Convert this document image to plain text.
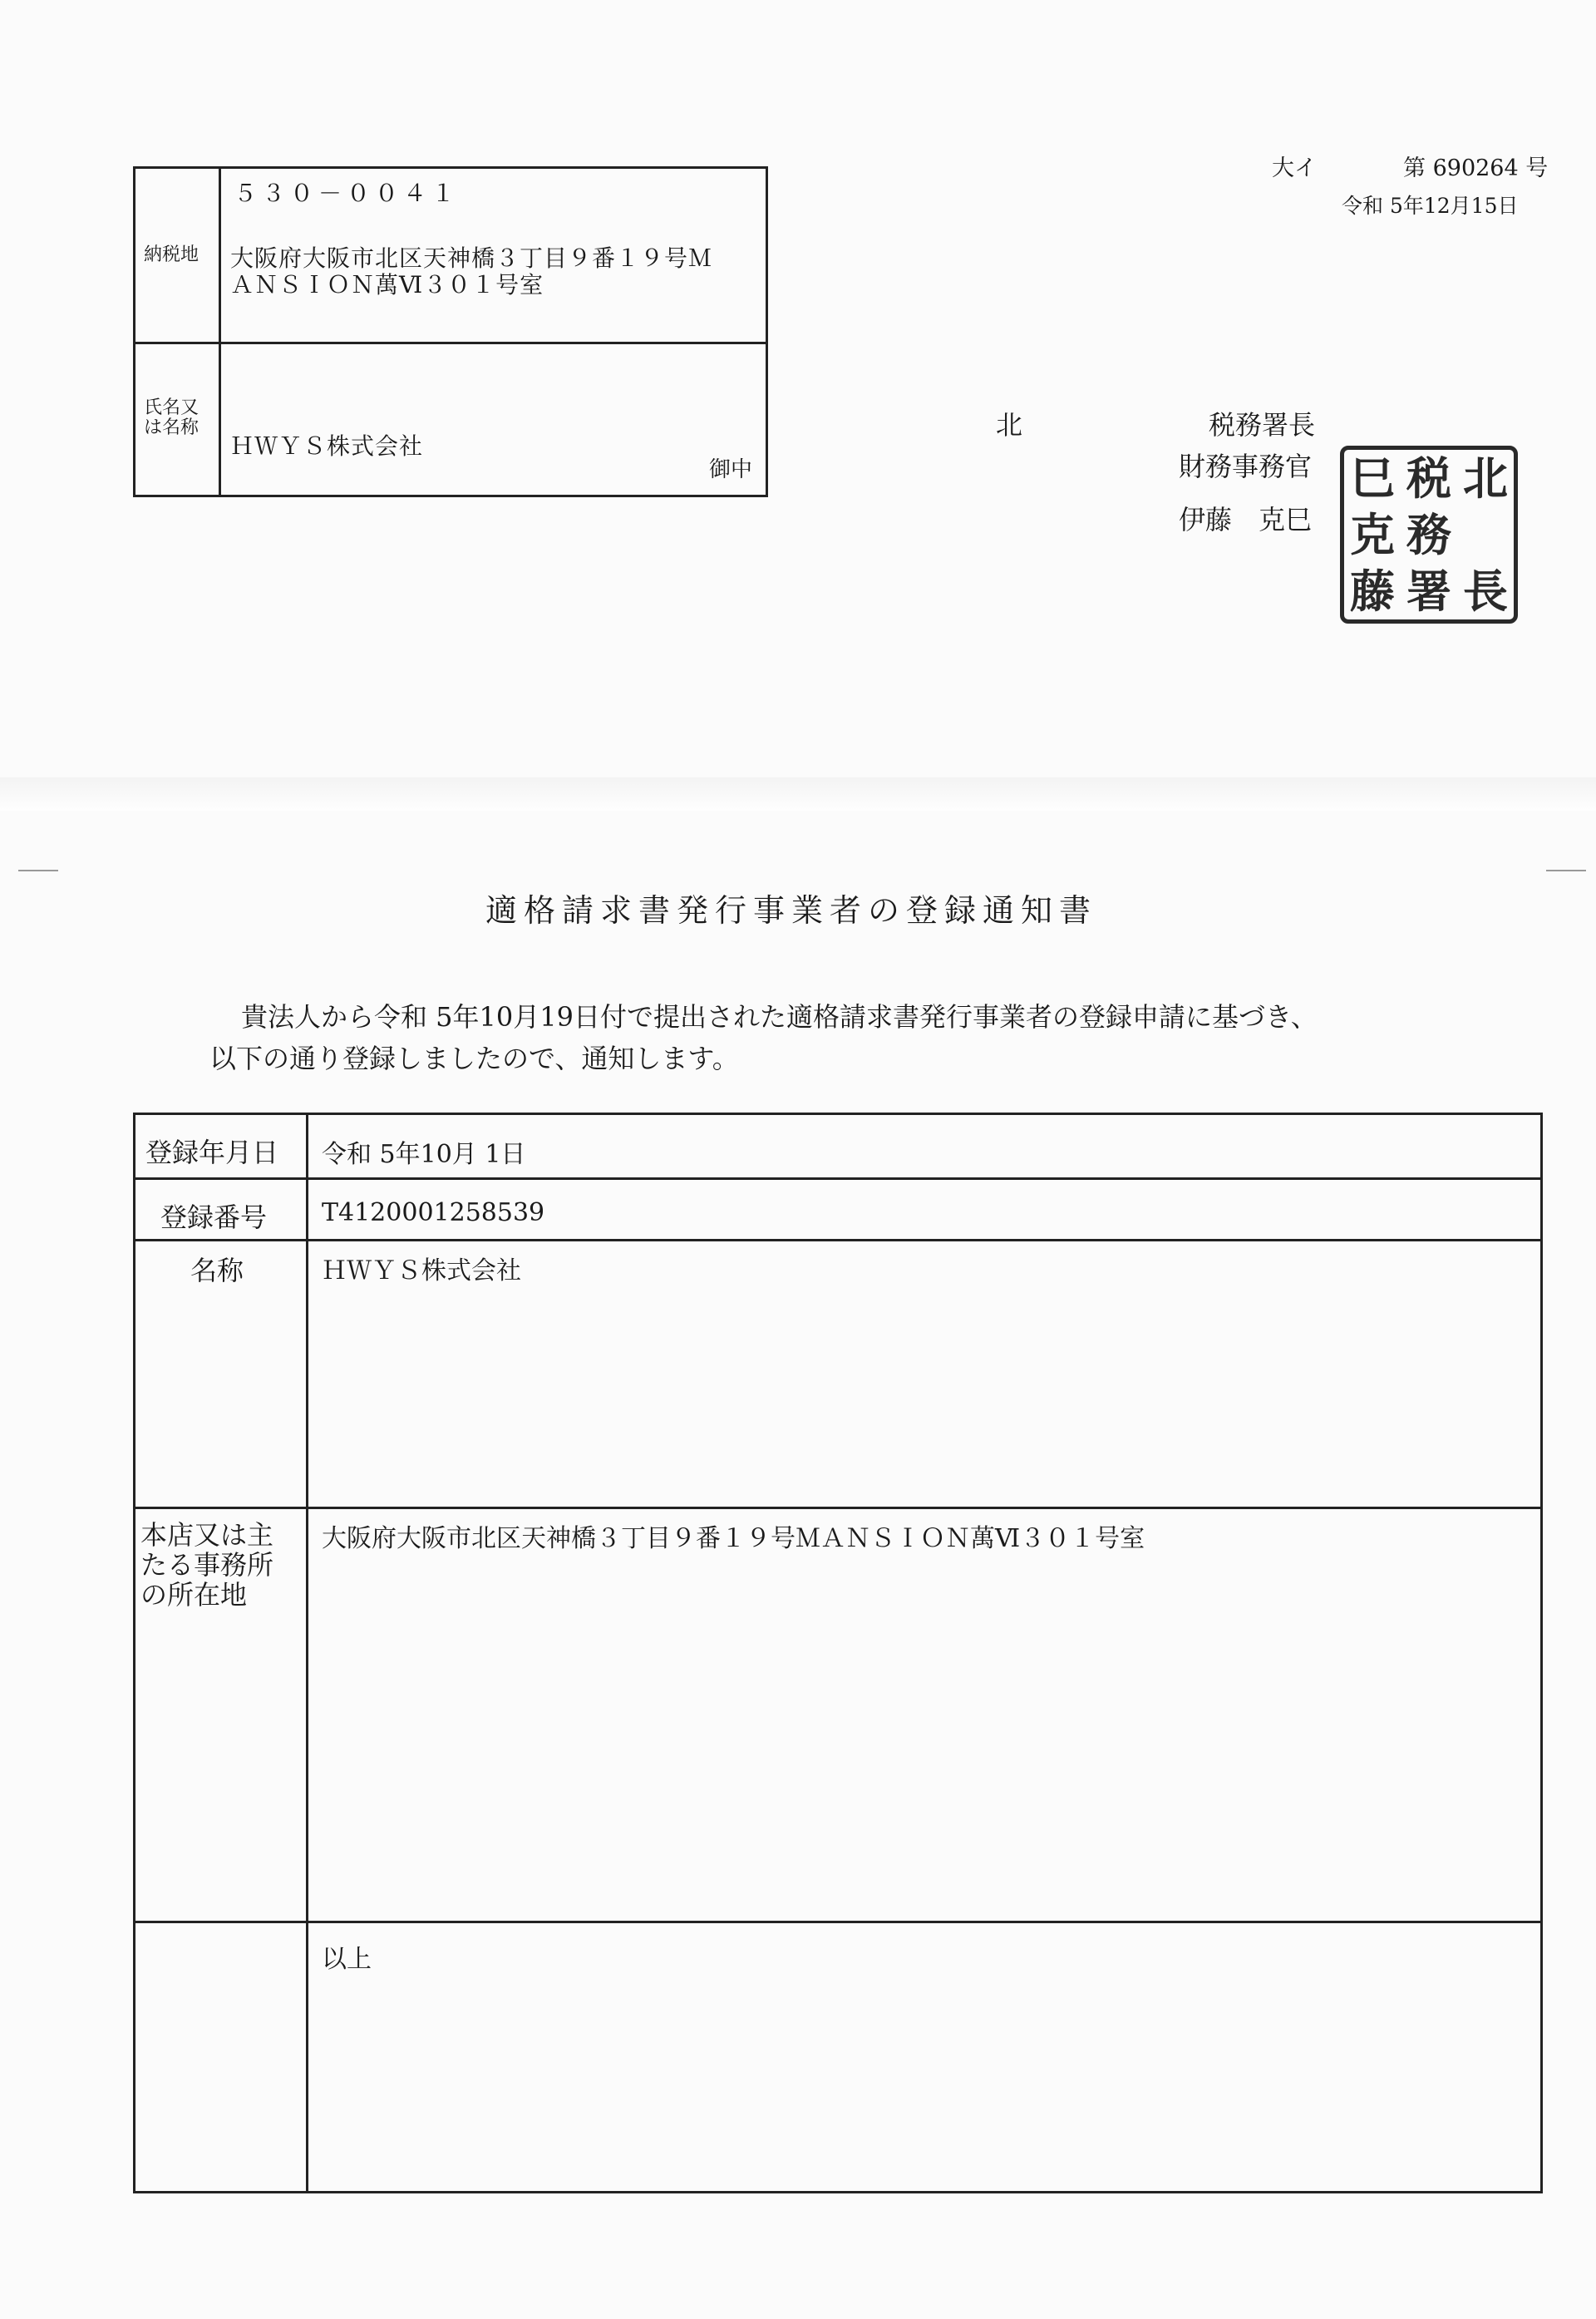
大イ	第 690264 号
令和 5年12月15日
５３０－００４１
納税地 大阪府大阪市北区天神橋３丁目９番１９号Ｍ
ＡＮＳＩＯＮ萬Ⅵ３０１号室
氏名又
は名称
ＨＷＹＳ株式会社
御中
北	税務署長
財務事務官
伊藤　克巳
巳 税 北
克 務
藤 署 長
適格請求書発行事業者の登録通知書
貴法人から令和 5年10月19日付で提出された適格請求書発行事業者の登録申請に基づき、
以下の通り登録しましたので、通知します。
登録年月日 令和 5年10月 1日
登録番号 T4120001258539
名称	ＨＷＹＳ株式会社
本店又は主
たる事務所
の所在地
大阪府大阪市北区天神橋３丁目９番１９号ＭＡＮＳＩＯＮ萬Ⅵ３０１号室
以上
